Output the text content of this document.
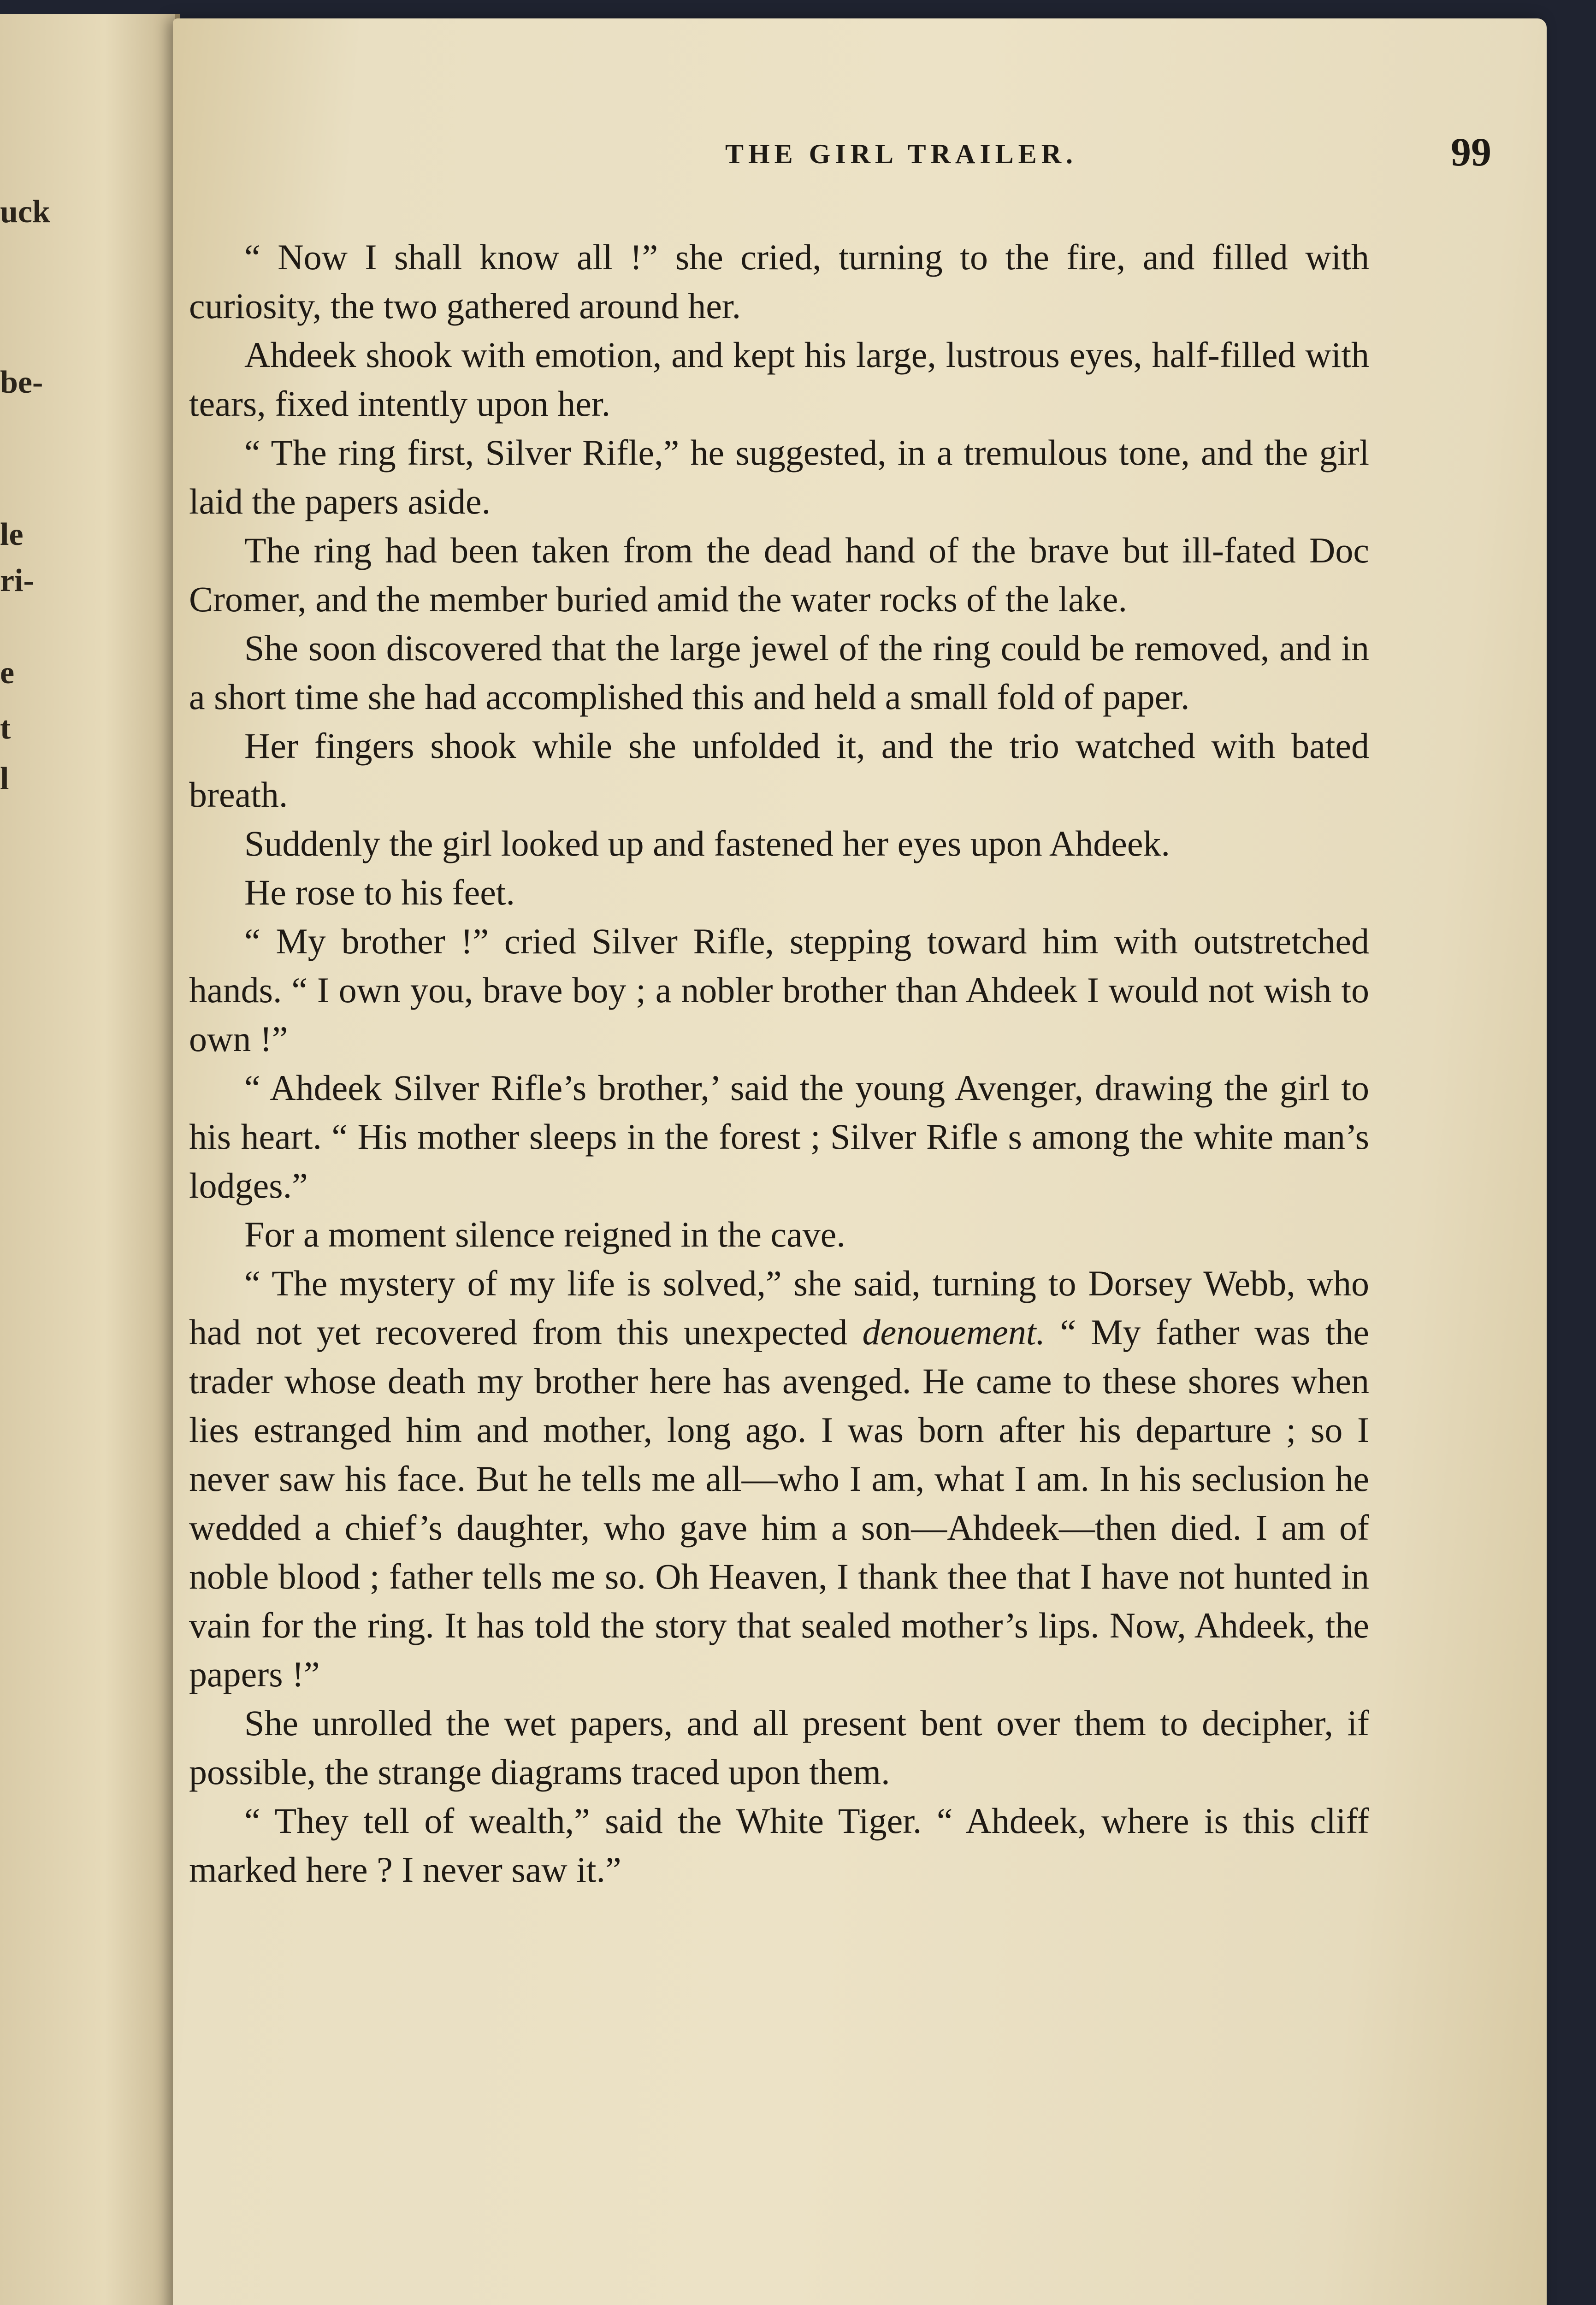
uck
be-
le
ri-
e
t
l
THE GIRL TRAILER.	99

“ Now I shall know all !” she cried, turning to the fire, and filled with curiosity, the two gathered around her.

Ahdeek shook with emotion, and kept his large, lustrous eyes, half-filled with tears, fixed intently upon her.

“ The ring first, Silver Rifle,” he suggested, in a tremulous tone, and the girl laid the papers aside.

The ring had been taken from the dead hand of the brave but ill-fated Doc Cromer, and the member buried amid the water rocks of the lake.

She soon discovered that the large jewel of the ring could be removed, and in a short time she had accomplished this and held a small fold of paper.

Her fingers shook while she unfolded it, and the trio watched with bated breath.

Suddenly the girl looked up and fastened her eyes upon Ahdeek.

He rose to his feet.

“ My brother !” cried Silver Rifle, stepping toward him with outstretched hands. “ I own you, brave boy ; a nobler brother than Ahdeek I would not wish to own !”

“ Ahdeek Silver Rifle’s brother,’ said the young Avenger, drawing the girl to his heart. “ His mother sleeps in the forest ; Silver Rifle s among the white man’s lodges.”

For a moment silence reigned in the cave.

“ The mystery of my life is solved,” she said, turning to Dorsey Webb, who had not yet recovered from this unexpected denouement. “ My father was the trader whose death my brother here has avenged. He came to these shores when lies estranged him and mother, long ago. I was born after his departure ; so I never saw his face. But he tells me all—who I am, what I am. In his seclusion he wedded a chief’s daughter, who gave him a son—Ahdeek—then died. I am of noble blood ; father tells me so. Oh Heaven, I thank thee that I have not hunted in vain for the ring. It has told the story that sealed mother’s lips. Now, Ahdeek, the papers !”

She unrolled the wet papers, and all present bent over them to decipher, if possible, the strange diagrams traced upon them.

“ They tell of wealth,” said the White Tiger. “ Ahdeek, where is this cliff marked here ? I never saw it.”
